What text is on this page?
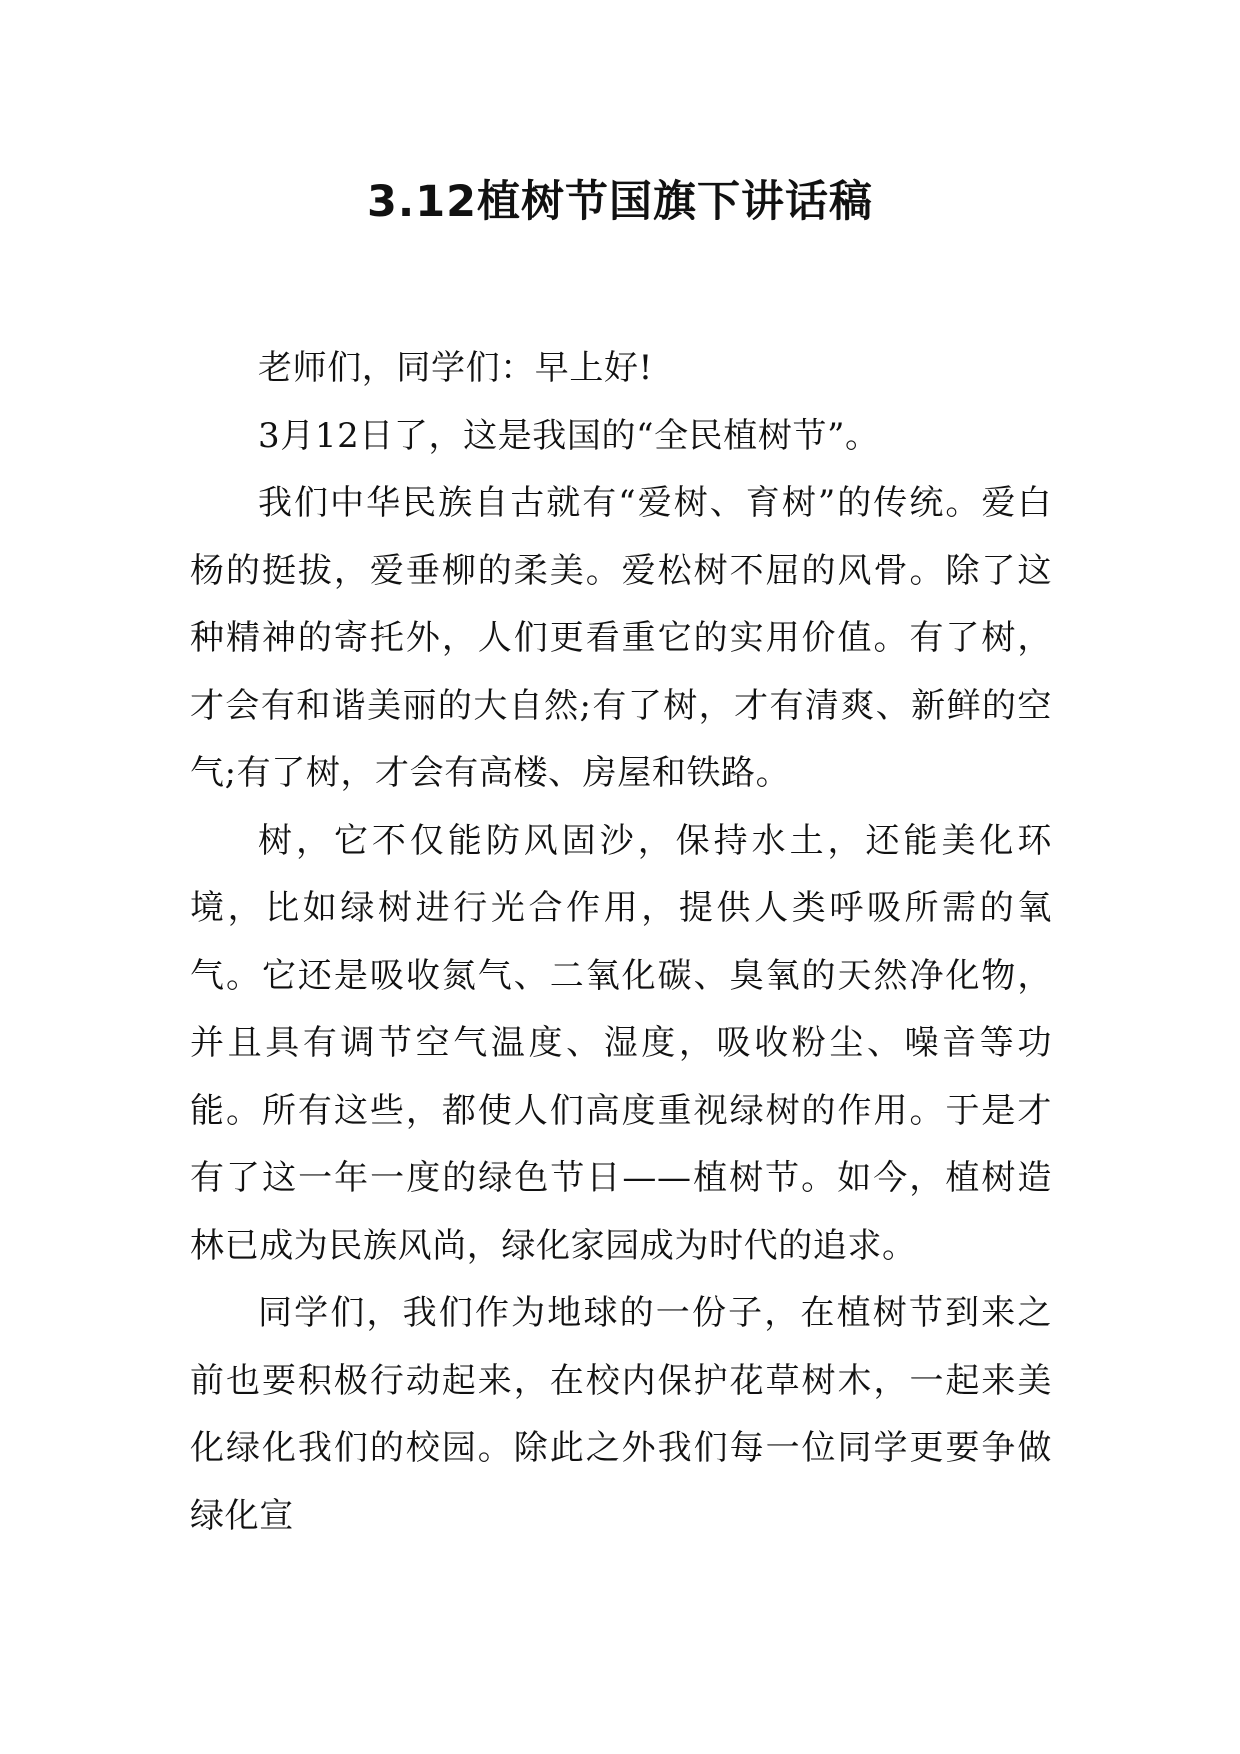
3.12植树节国旗下讲话稿

老师们，同学们：早上好!

3月12日了，这是我国的“全民植树节”。

我们中华民族自古就有“爱树、育树”的传统。爱白杨的挺拔，爱垂柳的柔美。爱松树不屈的风骨。除了这种精神的寄托外，人们更看重它的实用价值。有了树，才会有和谐美丽的大自然;有了树，才有清爽、新鲜的空气;有了树，才会有高楼、房屋和铁路。

树，它不仅能防风固沙，保持水土，还能美化环境，比如绿树进行光合作用，提供人类呼吸所需的氧气。它还是吸收氮气、二氧化碳、臭氧的天然净化物，并且具有调节空气温度、湿度，吸收粉尘、噪音等功能。所有这些，都使人们高度重视绿树的作用。于是才有了这一年一度的绿色节日——植树节。如今，植树造林已成为民族风尚，绿化家园成为时代的追求。

同学们，我们作为地球的一份子，在植树节到来之前也要积极行动起来，在校内保护花草树木，一起来美化绿化我们的校园。除此之外我们每一位同学更要争做绿化宣
